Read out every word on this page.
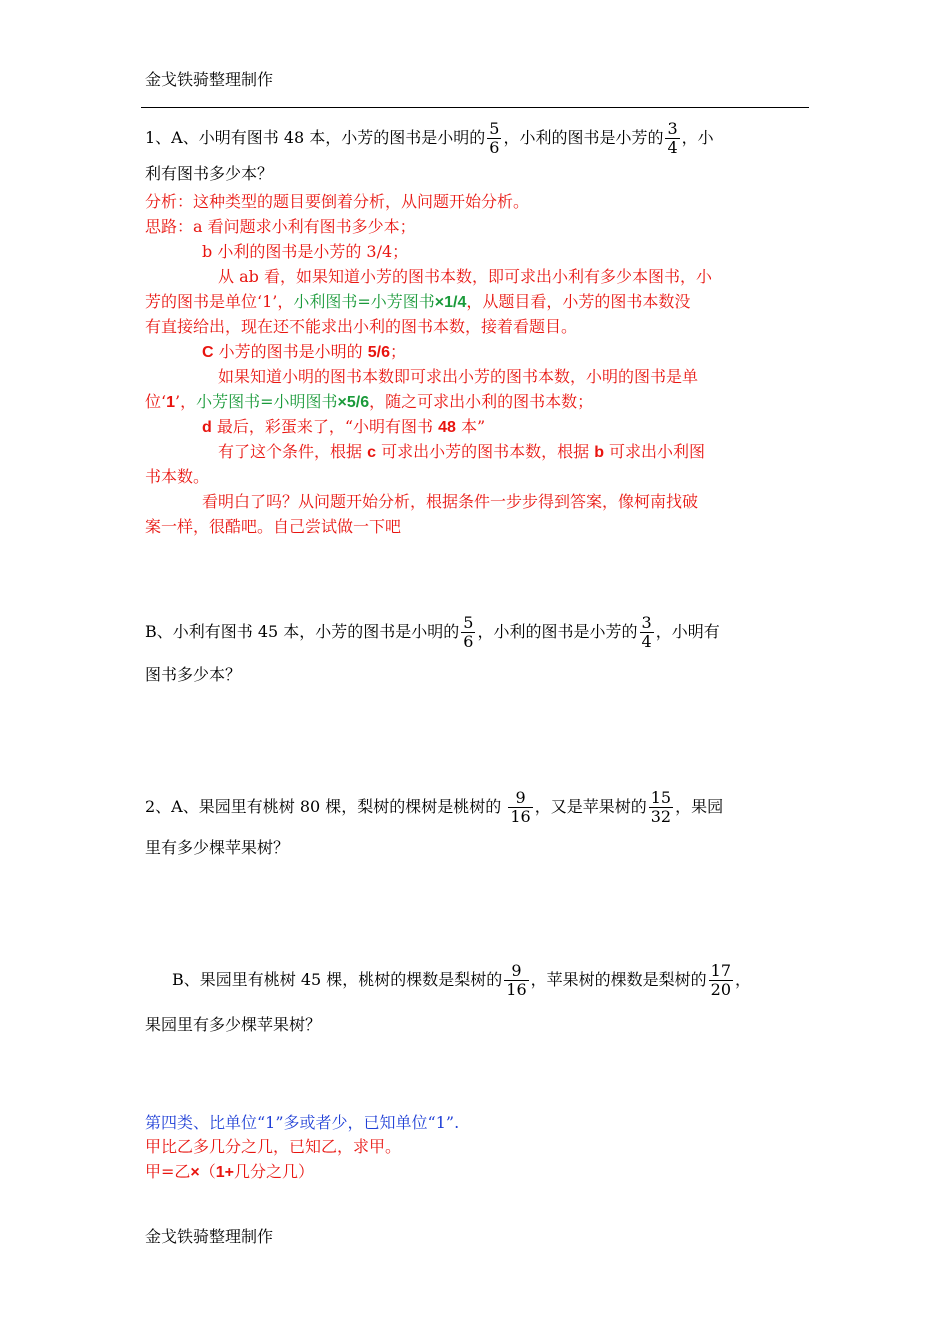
金戈铁骑整理制作
1、A、小明有图书 48 本，小芳的图书是小明的 $\frac{5}{6}$ ，小利的图书是小芳的 $\frac{3}{4}$ ，小
利有图书多少本？
分析：这种类型的题目要倒着分析，从问题开始分析。
思路：a 看问题求小利有图书多少本；
b 小利的图书是小芳的 3/4；
从 ab 看，如果知道小芳的图书本数，即可求出小利有多少本图书，小
芳的图书是单位‘1’，小利图书=小芳图书×1/4，从题目看，小芳的图书本数没
有直接给出，现在还不能求出小利的图书本数，接着看题目。
C 小芳的图书是小明的 5/6；
如果知道小明的图书本数即可求出小芳的图书本数，小明的图书是单
位‘1’，小芳图书=小明图书×5/6，随之可求出小利的图书本数；
d 最后，彩蛋来了，“小明有图书 48 本”
有了这个条件，根据 c 可求出小芳的图书本数，根据 b 可求出小利图
书本数。
看明白了吗？从问题开始分析，根据条件一步步得到答案，像柯南找破
案一样，很酷吧。自己尝试做一下吧
B、小利有图书 45 本，小芳的图书是小明的 $\frac{5}{6}$ ，小利的图书是小芳的 $\frac{3}{4}$ ，小明有
图书多少本？
2、A、果园里有桃树 80 棵，梨树的棵树是桃树的 $\frac{9}{16}$ ，又是苹果树的 $\frac{15}{32}$ ，果园
里有多少棵苹果树？
B、果园里有桃树 45 棵，桃树的棵数是梨树的 $\frac{9}{16}$ ，苹果树的棵数是梨树的 $\frac{17}{20}$ ，
果园里有多少棵苹果树？
第四类、比单位“1”多或者少，已知单位“1”.
甲比乙多几分之几，已知乙，求甲。
甲=乙×（1+几分之几）
金戈铁骑整理制作
